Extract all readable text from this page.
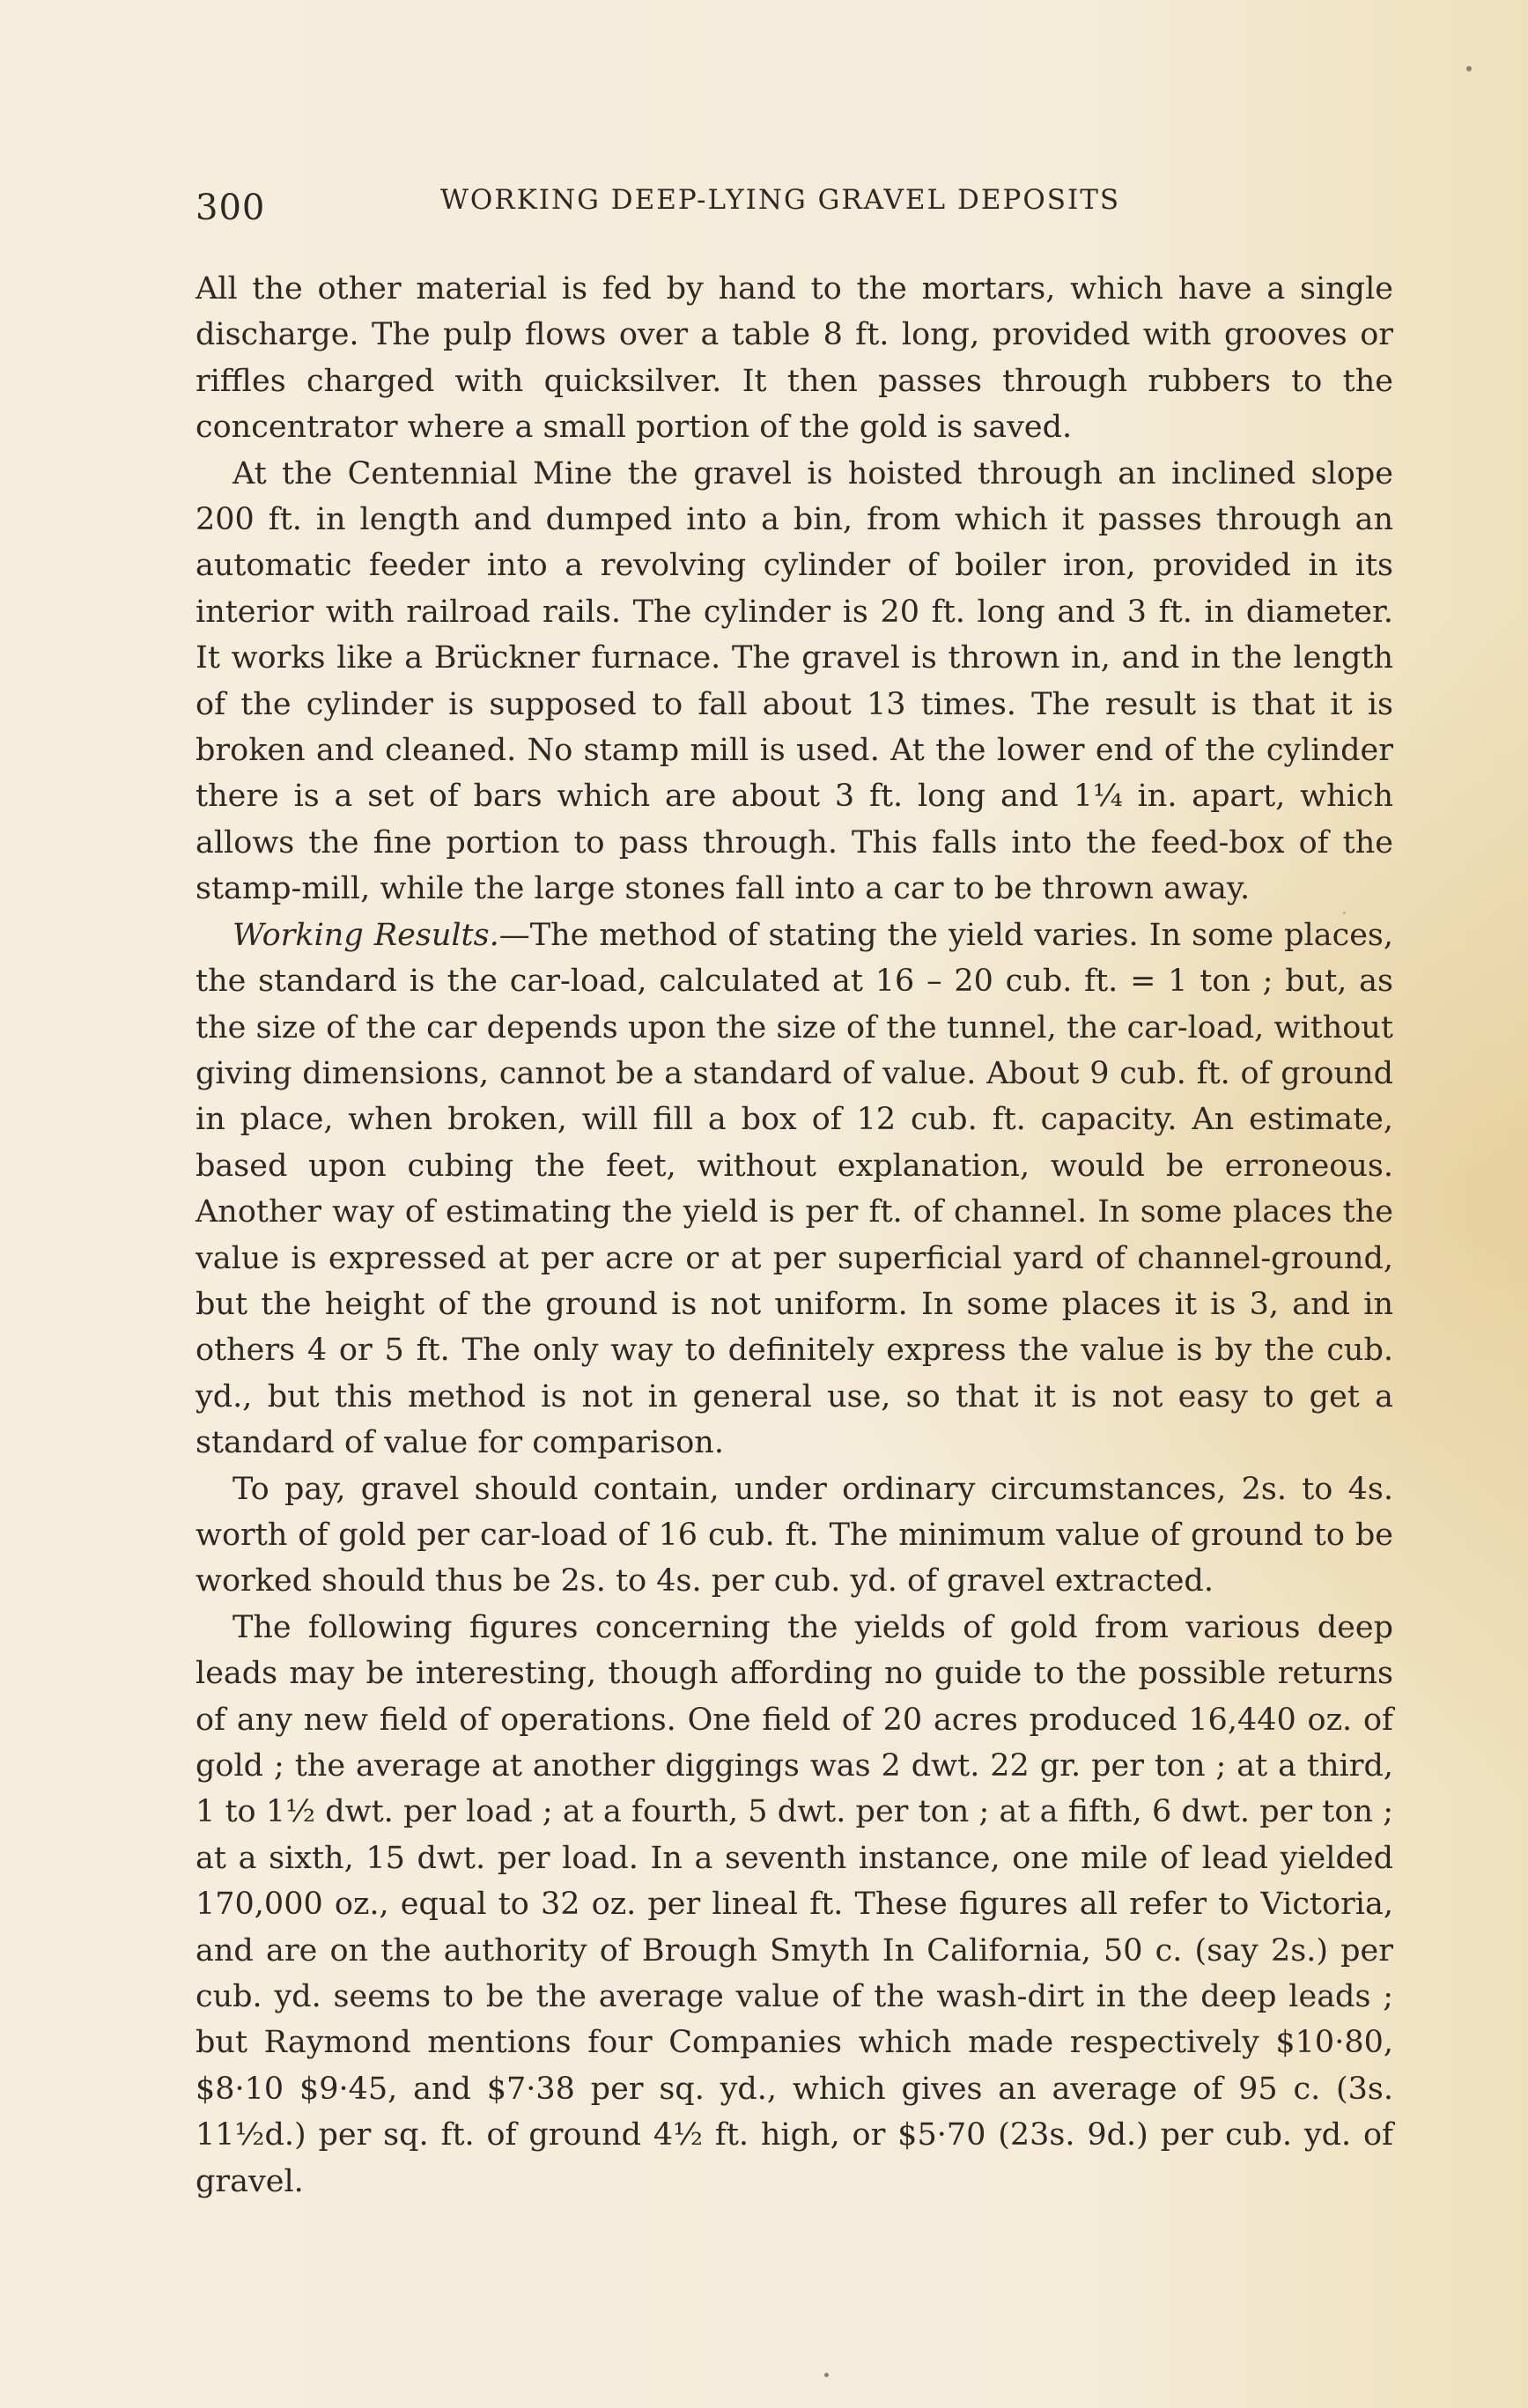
300	WORKING DEEP-LYING GRAVEL DEPOSITS

All the other material is fed by hand to the mortars, which have a single discharge. The pulp flows over a table 8 ft. long, provided with grooves or riffles charged with quicksilver. It then passes through rubbers to the concentrator where a small portion of the gold is saved.

At the Centennial Mine the gravel is hoisted through an inclined slope 200 ft. in length and dumped into a bin, from which it passes through an automatic feeder into a revolving cylinder of boiler iron, provided in its interior with railroad rails. The cylinder is 20 ft. long and 3 ft. in diameter. It works like a Brückner furnace. The gravel is thrown in, and in the length of the cylinder is supposed to fall about 13 times. The result is that it is broken and cleaned. No stamp mill is used. At the lower end of the cylinder there is a set of bars which are about 3 ft. long and 1¼ in. apart, which allows the fine portion to pass through. This falls into the feed-box of the stamp-mill, while the large stones fall into a car to be thrown away.

Working Results.—The method of stating the yield varies. In some places, the standard is the car-load, calculated at 16 – 20 cub. ft. = 1 ton ; but, as the size of the car depends upon the size of the tunnel, the car-load, without giving dimensions, cannot be a standard of value. About 9 cub. ft. of ground in place, when broken, will fill a box of 12 cub. ft. capacity. An estimate, based upon cubing the feet, without explanation, would be erroneous. Another way of estimating the yield is per ft. of channel. In some places the value is expressed at per acre or at per superficial yard of channel-ground, but the height of the ground is not uniform. In some places it is 3, and in others 4 or 5 ft. The only way to definitely express the value is by the cub. yd., but this method is not in general use, so that it is not easy to get a standard of value for comparison.

To pay, gravel should contain, under ordinary circumstances, 2s. to 4s. worth of gold per car-load of 16 cub. ft. The minimum value of ground to be worked should thus be 2s. to 4s. per cub. yd. of gravel extracted.

The following figures concerning the yields of gold from various deep leads may be interesting, though affording no guide to the possible returns of any new field of operations. One field of 20 acres produced 16,440 oz. of gold ; the average at another diggings was 2 dwt. 22 gr. per ton ; at a third, 1 to 1½ dwt. per load ; at a fourth, 5 dwt. per ton ; at a fifth, 6 dwt. per ton ; at a sixth, 15 dwt. per load. In a seventh instance, one mile of lead yielded 170,000 oz., equal to 32 oz. per lineal ft. These figures all refer to Victoria, and are on the authority of Brough Smyth In California, 50 c. (say 2s.) per cub. yd. seems to be the average value of the wash-dirt in the deep leads ; but Raymond mentions four Companies which made respectively $10·80, $8·10 $9·45, and $7·38 per sq. yd., which gives an average of 95 c. (3s. 11½d.) per sq. ft. of ground 4½ ft. high, or $5·70 (23s. 9d.) per cub. yd. of gravel.
